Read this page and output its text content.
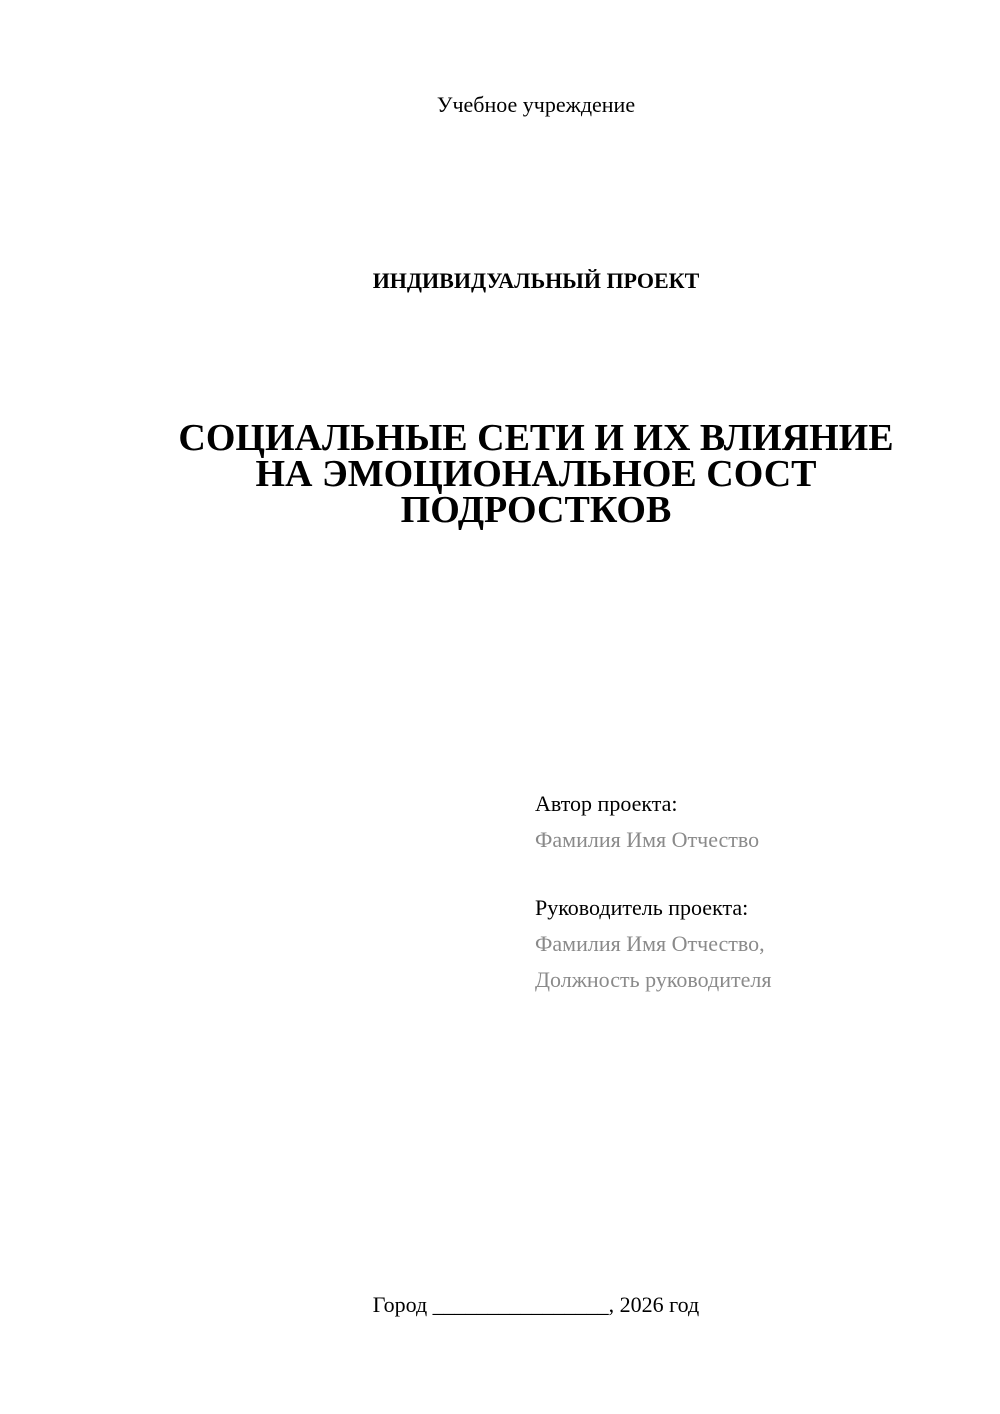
Учебное учреждение
ИНДИВИДУАЛЬНЫЙ ПРОЕКТ
СОЦИАЛЬНЫЕ СЕТИ И ИХ ВЛИЯНИЕ
НА ЭМОЦИОНАЛЬНОЕ СОСТ
ПОДРОСТКОВ
Автор проекта:
Фамилия Имя Отчество
Руководитель проекта:
Фамилия Имя Отчество,
Должность руководителя
Город ________________, 2026 год
